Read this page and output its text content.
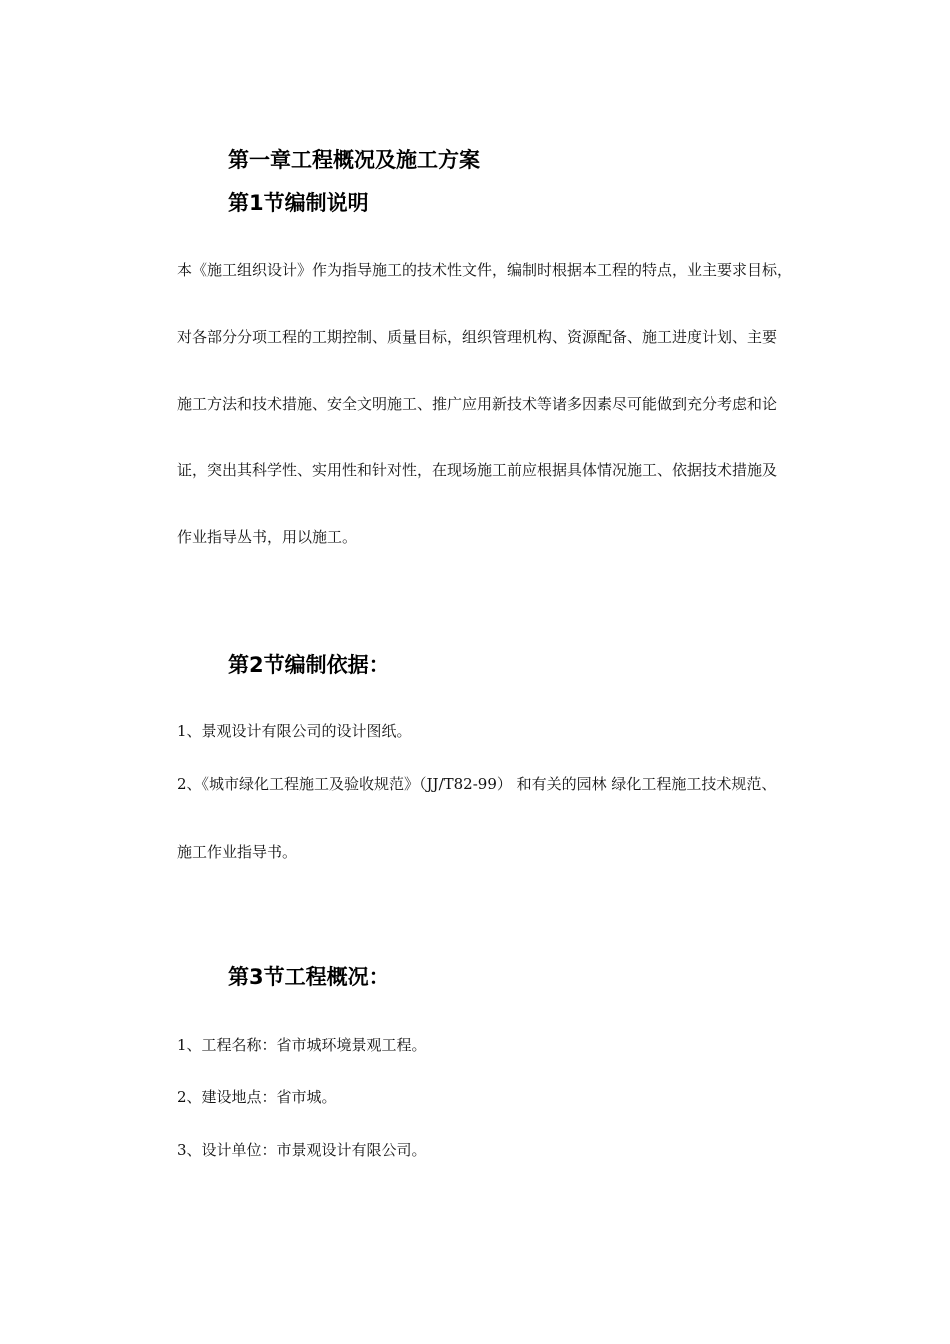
第一章工程概况及施工方案
第1节编制说明

本《施工组织设计》作为指导施工的技术性文件，编制时根据本工程的特点，业主要求目标，

对各部分分项工程的工期控制、质量目标，组织管理机构、资源配备、施工进度计划、主要

施工方法和技术措施、安全文明施工、推广应用新技术等诸多因素尽可能做到充分考虑和论

证，突出其科学性、实用性和针对性，在现场施工前应根据具体情况施工、依据技术措施及

作业指导丛书，用以施工。

第2节编制依据：

1、景观设计有限公司的设计图纸。

2、《城市绿化工程施工及验收规范》（JJ/T82-99） 和有关的园林 绿化工程施工技术规范、

施工作业指导书。

第3节工程概况：

1、工程名称：省市城环境景观工程。

2、建设地点：省市城。

3、设计单位：市景观设计有限公司。
